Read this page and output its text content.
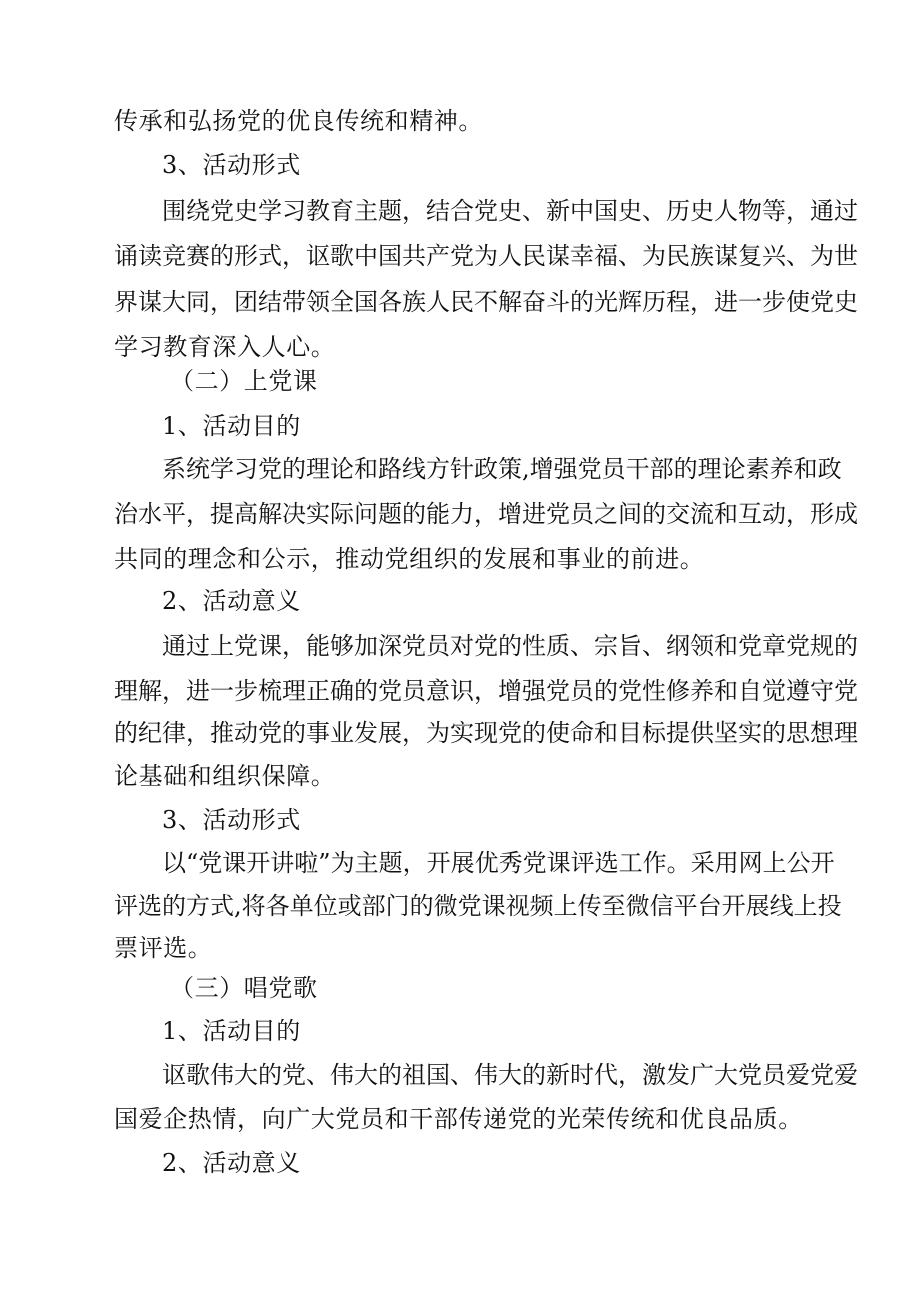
传承和弘扬党的优良传统和精神。
3、活动形式
围 绕 党 史 学 习 教 育 主 题 ， 结 合 党 史 、 新 中 国 史 、 历 史 人 物 等 ， 通 过
诵 读 竞 赛 的 形 式 ， 讴 歌 中 国 共 产 党 为 人 民 谋 幸 福 、 为 民 族 谋 复 兴 、 为 世
界 谋 大 同 ， 团 结 带 领 全 国 各 族 人 民 不 解 奋 斗 的 光 辉 历 程 ， 进 一 步 使 党 史
学习教育深入人心。
（二）上党课
1、活动目的
系 统 学 习 党 的 理 论 和 路 线 方 针 政 策 , 增 强 党 员 干 部 的 理 论 素 养 和 政
治 水 平 ， 提 高 解 决 实 际 问 题 的 能 力 ， 增 进 党 员 之 间 的 交 流 和 互 动 ， 形 成
共同的理念和公示，推动党组织的发展和事业的前进。
2、活动意义
通 过 上 党 课 ， 能 够 加 深 党 员 对 党 的 性 质 、 宗 旨 、 纲 领 和 党 章 党 规 的
理 解 ， 进 一 步 梳 理 正 确 的 党 员 意 识 ， 增 强 党 员 的 党 性 修 养 和 自 觉 遵 守 党
的 纪 律 ， 推 动 党 的 事 业 发 展 ， 为 实 现 党 的 使 命 和 目 标 提 供 坚 实 的 思 想 理
论基础和组织保障。
3、活动形式
以 “ 党 课 开 讲 啦 ” 为 主 题 ， 开 展 优 秀 党 课 评 选 工 作 。 采 用 网 上 公 开
评 选 的 方 式 , 将 各 单 位 或 部 门 的 微 党 课 视 频 上 传 至 微 信 平 台 开 展 线 上 投
票评选。
（三）唱党歌
1、活动目的
讴 歌 伟 大 的 党 、 伟 大 的 祖 国 、 伟 大 的 新 时 代 ， 激 发 广 大 党 员 爱 党 爱
国爱企热情，向广大党员和干部传递党的光荣传统和优良品质。
2、活动意义
